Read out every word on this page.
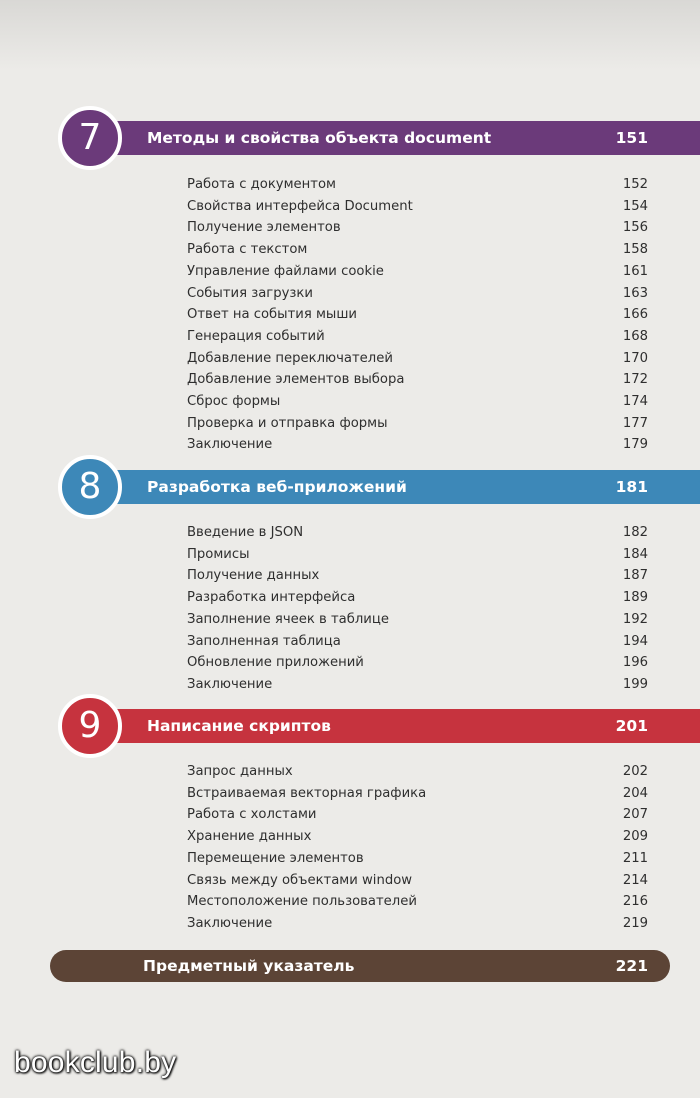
Методы и свойства объекта document	151
7
Работа с документом	152
Свойства интерфейса Document	154
Получение элементов	156
Работа с текстом	158
Управление файлами cookie	161
События загрузки	163
Ответ на события мыши	166
Генерация событий	168
Добавление переключателей	170
Добавление элементов выбора	172
Сброс формы	174
Проверка и отправка формы	177
Заключение	179
Разработка веб-приложений	181
8
Введение в JSON	182
Промисы	184
Получение данных	187
Разработка интерфейса	189
Заполнение ячеек в таблице	192
Заполненная таблица	194
Обновление приложений	196
Заключение	199
Написание скриптов	201
9
Запрос данных	202
Встраиваемая векторная графика	204
Работа с холстами	207
Хранение данных	209
Перемещение элементов	211
Связь между объектами window	214
Местоположение пользователей	216
Заключение	219
Предметный указатель	221
bookclub.by
